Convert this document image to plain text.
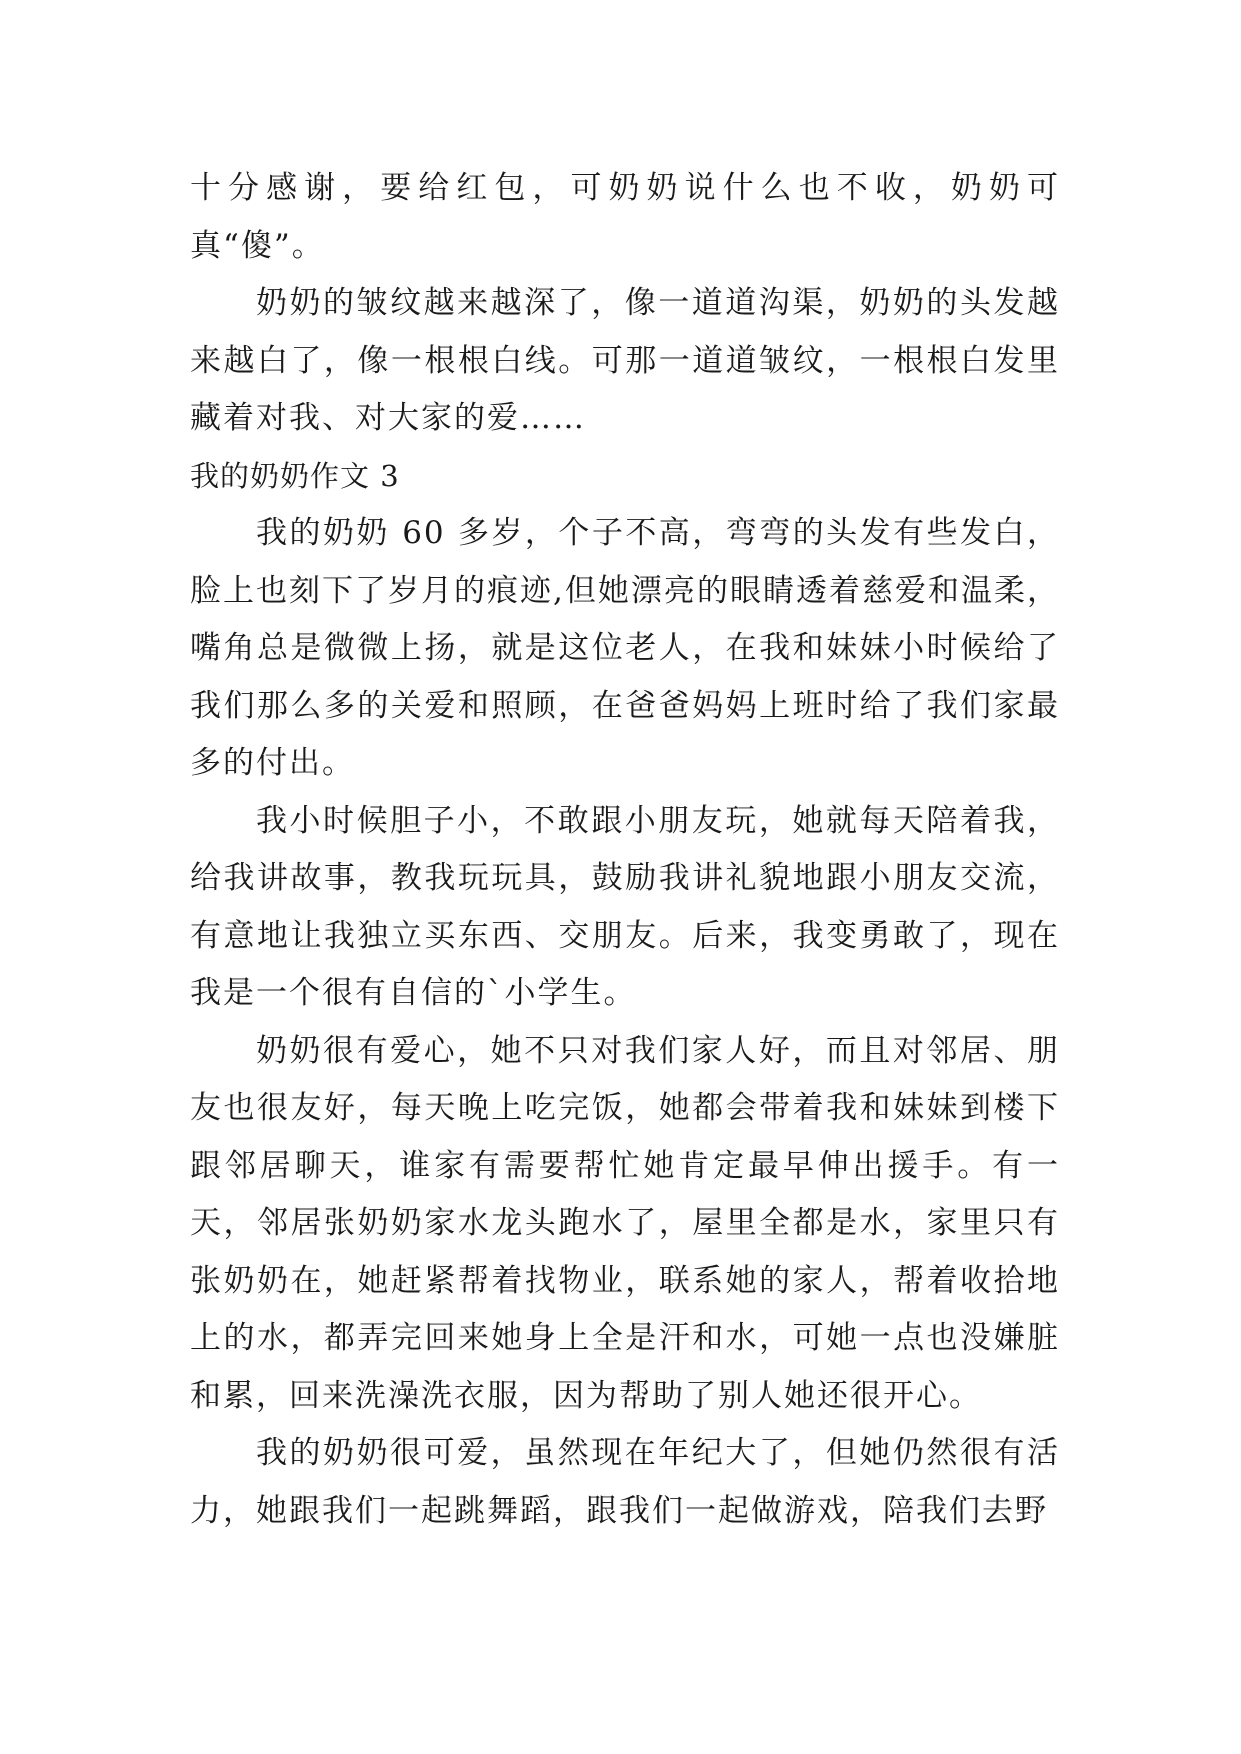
十分感谢，要给红包，可奶奶说什么也不收，奶奶可真“傻”。

奶奶的皱纹越来越深了，像一道道沟渠，奶奶的头发越来越白了，像一根根白线。可那一道道皱纹，一根根白发里藏着对我、对大家的爱……

我的奶奶作文 3

我的奶奶 60 多岁，个子不高，弯弯的头发有些发白，脸上也刻下了岁月的痕迹,但她漂亮的眼睛透着慈爱和温柔，嘴角总是微微上扬，就是这位老人，在我和妹妹小时候给了我们那么多的关爱和照顾，在爸爸妈妈上班时给了我们家最多的付出。

我小时候胆子小，不敢跟小朋友玩，她就每天陪着我，给我讲故事，教我玩玩具，鼓励我讲礼貌地跟小朋友交流，有意地让我独立买东西、交朋友。后来，我变勇敢了，现在我是一个很有自信的`小学生。

奶奶很有爱心，她不只对我们家人好，而且对邻居、朋友也很友好，每天晚上吃完饭，她都会带着我和妹妹到楼下跟邻居聊天，谁家有需要帮忙她肯定最早伸出援手。有一天，邻居张奶奶家水龙头跑水了，屋里全都是水，家里只有张奶奶在，她赶紧帮着找物业，联系她的家人，帮着收拾地上的水，都弄完回来她身上全是汗和水，可她一点也没嫌脏和累，回来洗澡洗衣服，因为帮助了别人她还很开心。

我的奶奶很可爱，虽然现在年纪大了，但她仍然很有活力，她跟我们一起跳舞蹈，跟我们一起做游戏，陪我们去野
